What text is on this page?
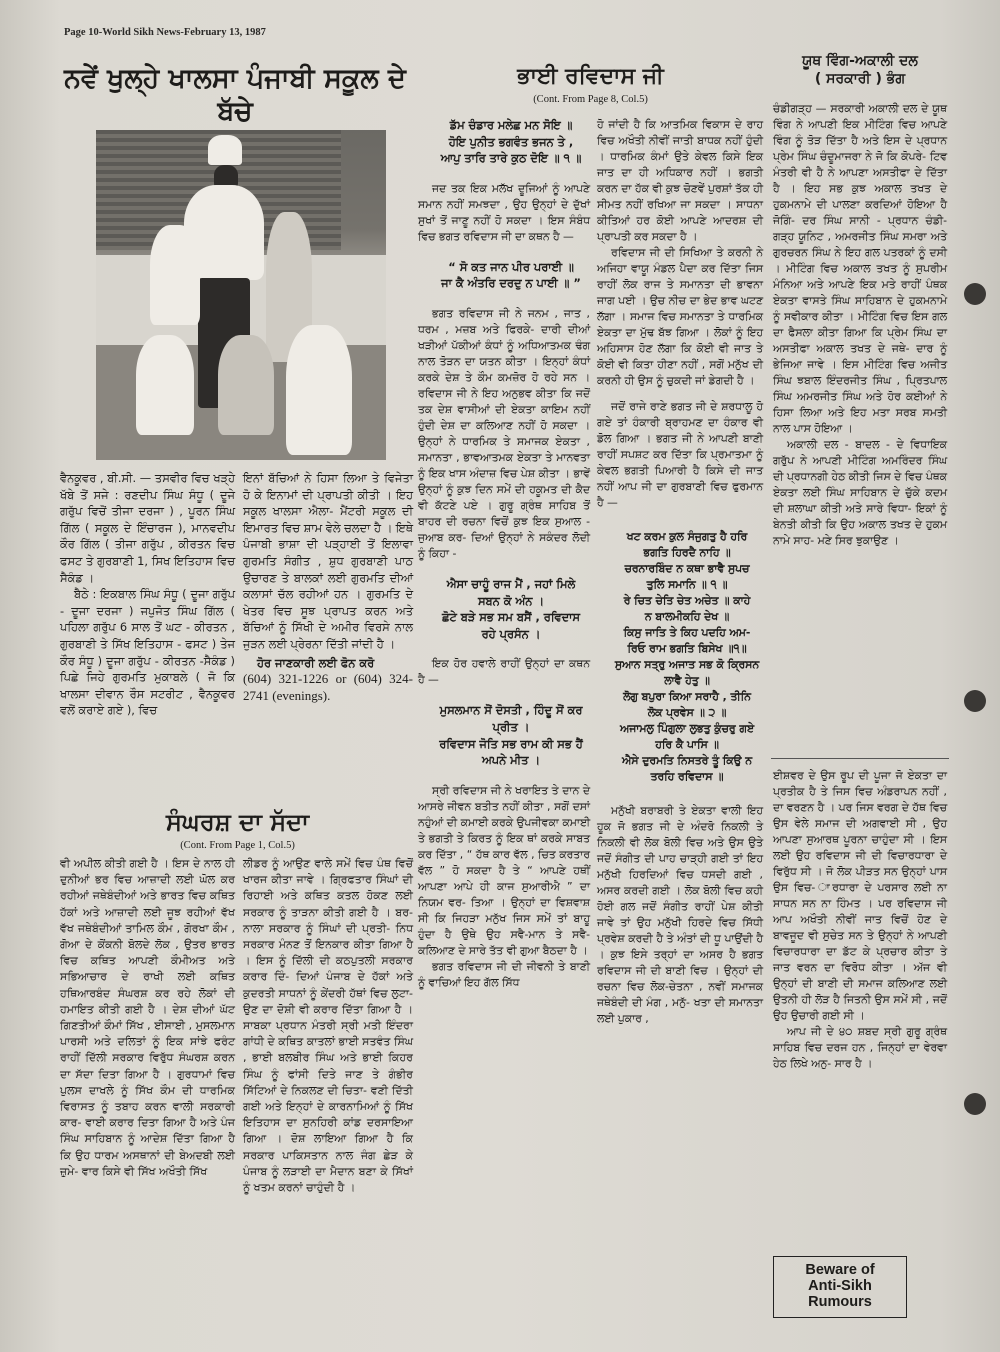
Page 10-World Sikh News-February 13, 1987
ਨਵੇਂ ਖੁਲ੍ਹੇ ਖਾਲਸਾ ਪੰਜਾਬੀ ਸਕੂਲ ਦੇ ਬੱਚੇ

ਵੈਨਕੂਵਰ , ਬੀ.ਸੀ. — ਤਸਵੀਰ ਵਿਚ ਖੜ੍ਹੇ ਖੱਬੇ ਤੋਂ ਸਜੇ : ਰਣਦੀਪ ਸਿੰਘ ਸੰਧੂ ( ਦੂਜੇ ਗਰੁੱਪ ਵਿਚੋਂ ਤੀਜਾ ਦਰਜਾ ) , ਪੂਰਨ ਸਿੰਘ ਗਿੱਲ ( ਸਕੂਲ ਦੇ ਇੰਚਾਰਜ ), ਮਾਨਵਦੀਪ ਕੌਰ ਗਿੱਲ ( ਤੀਜਾ ਗਰੁੱਪ , ਕੀਰਤਨ ਵਿਚ ਫਸਟ ਤੇ ਗੁਰਬਾਣੀ 1, ਸਿਖ ਇਤਿਹਾਸ ਵਿਚ ਸੈਕੰਡ ।

ਬੈਠੇ : ਇਕਬਾਲ ਸਿੰਘ ਸੰਧੂ ( ਦੂਜਾ ਗਰੁੱਪ - ਦੂਜਾ ਦਰਜਾ ) ਜਪੁਜੋਤ ਸਿੰਘ ਗਿੱਲ ( ਪਹਿਲਾ ਗਰੁੱਪ 6 ਸਾਲ ਤੋਂ ਘਟ - ਕੀਰਤਨ , ਗੁਰਬਾਣੀ ਤੇ ਸਿੱਖ ਇਤਿਹਾਸ - ਫਸਟ ) ਤੇਜ ਕੌਰ ਸੰਧੂ ) ਦੂਜਾ ਗਰੁੱਪ - ਕੀਰਤਨ -ਸੈਕੰਡ ) ਪਿਛੇ ਜਿਹੇ ਗੁਰਮਤਿ ਮੁਕਾਬਲੇ ( ਜੋ ਕਿ ਖਾਲਸਾ ਦੀਵਾਨ ਰੌਸ ਸਟਰੀਟ , ਵੈਨਕੂਵਰ ਵਲੋਂ ਕਰਾਏ ਗਏ ), ਵਿਚ

ਇਨਾਂ ਬੱਚਿਆਂ ਨੇ ਹਿਸਾ ਲਿਆ ਤੇ ਵਿਜੇਤਾ ਹੋ ਕੇ ਇਨਾਮਾਂ ਦੀ ਪ੍ਰਾਪਤੀ ਕੀਤੀ । ਇਹ ਸਕੂਲ ਖਾਲਸਾ ਐਲਾ- ਮੈਂਟਰੀ ਸਕੂਲ ਦੀ ਇਮਾਰਤ ਵਿਚ ਸ਼ਾਮ ਵੇਲੇ ਚਲਦਾ ਹੈ । ਇਥੇ ਪੰਜਾਬੀ ਭਾਸ਼ਾ ਦੀ ਪੜ੍ਹਾਈ ਤੋਂ ਇਲਾਵਾ ਗੁਰਮਤਿ ਸੰਗੀਤ , ਸ਼ੁਧ ਗੁਰਬਾਣੀ ਪਾਠ ਉਚਾਰਣ ਤੇ ਬਾਲਕਾਂ ਲਈ ਗੁਰਮਤਿ ਦੀਆਂ ਕਲਾਸਾਂ ਚੱਲ ਰਹੀਆਂ ਹਨ । ਗੁਰਮਤਿ ਦੇ ਖੇਤਰ ਵਿਚ ਸੂਝ ਪ੍ਰਾਪਤ ਕਰਨ ਅਤੇ ਬੱਚਿਆਂ ਨੂੰ ਸਿੱਖੀ ਦੇ ਅਮੀਰ ਵਿਰਸੇ ਨਾਲ ਜੁੜਨ ਲਈ ਪ੍ਰੇਰਨਾ ਦਿੱਤੀ ਜਾਂਦੀ ਹੈ ।

ਹੋਰ ਜਾਣਕਾਰੀ ਲਈ ਫੋਨ ਕਰੋ

(604) 321-1226 or (604) 324-2741 (evenings).

ਸੰਘਰਸ਼ ਦਾ ਸੱਦਾ
(Cont. From Page 1, Col.5)

ਵੀ ਅਪੀਲ ਕੀਤੀ ਗਈ ਹੈ । ਇਸ ਦੇ ਨਾਲ ਹੀ ਦੁਨੀਆਂ ਭਰ ਵਿਚ ਆਜ਼ਾਦੀ ਲਈ ਘੋਲ ਕਰ ਰਹੀਆਂ ਜਥੇਬੰਦੀਆਂ ਅਤੇ ਭਾਰਤ ਵਿਚ ਕਥਿਤ ਹੱਕਾਂ ਅਤੇ ਆਜ਼ਾਦੀ ਲਈ ਜੂਝ ਰਹੀਆਂ ਵੱਖ ਵੱਖ ਜਥੇਬੰਦੀਆਂ ਤਾਮਿਲ ਕੌਮ , ਗੋਰਖਾ ਕੌਮ , ਗੋਆ ਦੇ ਕੋਂਕਨੀ ਬੋਲਦੇ ਲੋਕ , ਉਤਰ ਭਾਰਤ ਵਿਚ ਕਥਿਤ ਆਪਣੀ ਕੌਮੀਅਤ ਅਤੇ ਸਭਿਆਚਾਰ ਦੇ ਰਾਖੀ ਲਈ ਕਥਿਤ ਹਥਿਆਰਬੰਦ ਸੰਘਰਸ਼ ਕਰ ਰਹੇ ਲੋਕਾਂ ਦੀ ਹਮਾਇਤ ਕੀਤੀ ਗਈ ਹੈ । ਦੇਸ਼ ਦੀਆਂ ਘੱਟ ਗਿਣਤੀਆਂ ਕੌਮਾਂ ਸਿੱਖ , ਈਸਾਈ , ਮੁਸਲਮਾਨ ਪਾਰਸੀ ਅਤੇ ਦਲਿਤਾਂ ਨੂੰ ਇਕ ਸਾਂਝੇ ਫਰੰਟ ਰਾਹੀਂ ਦਿੱਲੀ ਸਰਕਾਰ ਵਿਰੁੱਧ ਸੰਘਰਸ਼ ਕਰਨ ਦਾ ਸੱਦਾ ਦਿਤਾ ਗਿਆ ਹੈ । ਗੁਰਧਾਮਾਂ ਵਿਚ ਪੁਲਸ ਦਾਖਲੇ ਨੂੰ ਸਿੱਖ ਕੌਮ ਦੀ ਧਾਰਮਿਕ ਵਿਰਾਸਤ ਨੂੰ ਤਬਾਹ ਕਰਨ ਵਾਲੀ ਸਰਕਾਰੀ ਕਾਰ- ਵਾਈ ਕਰਾਰ ਦਿਤਾ ਗਿਆ ਹੈ ਅਤੇ ਪੰਜ ਸਿੰਘ ਸਾਹਿਬਾਨ ਨੂੰ ਆਦੇਸ਼ ਦਿੱਤਾ ਗਿਆ ਹੈ ਕਿ ਉਹ ਧਾਰਮ ਅਸਥਾਨਾਂ ਦੀ ਬੇਅਦਬੀ ਲਈ ਜ਼ੁਮੇ- ਵਾਰ ਕਿਸੇ ਵੀ ਸਿੱਖ ਅਖੌਤੀ ਸਿੱਖ

ਲੀਡਰ ਨੂੰ ਆਉਣ ਵਾਲੇ ਸਮੇਂ ਵਿਚ ਪੰਥ ਵਿਚੋਂ ਖਾਰਜ ਕੀਤਾ ਜਾਵੇ । ਗ੍ਰਿਫਤਾਰ ਸਿੰਘਾਂ ਦੀ ਰਿਹਾਈ ਅਤੇ ਕਥਿਤ ਕਤਲ ਹੋਕਣ ਲਈ ਸਰਕਾਰ ਨੂੰ ਤਾੜਨਾ ਕੀਤੀ ਗਈ ਹੈ । ਬਰ- ਨਾਲਾ ਸਰਕਾਰ ਨੂੰ ਸਿੰਘਾਂ ਦੀ ਪ੍ਰਤੀ- ਨਿਧ ਸਰਕਾਰ ਮੰਨਣ ਤੋਂ ਇਨਕਾਰ ਕੀਤਾ ਗਿਆ ਹੈ । ਇਸ ਨੂੰ ਦਿੱਲੀ ਦੀ ਕਠਪੁਤਲੀ ਸਰਕਾਰ ਕਰਾਰ ਦਿੰ- ਦਿਆਂ ਪੰਜਾਬ ਦੇ ਹੱਕਾਂ ਅਤੇ ਕੁਦਰਤੀ ਸਾਧਨਾਂ ਨੂੰ ਕੇਂਦਰੀ ਹੱਥਾਂ ਵਿਚ ਲੁਟਾ- ਉਣ ਦਾ ਦੋਸ਼ੀ ਵੀ ਕਰਾਰ ਦਿੱਤਾ ਗਿਆ ਹੈ । ਸਾਬਕਾ ਪ੍ਰਧਾਨ ਮੰਤਰੀ ਸ੍ਰੀ ਮਤੀ ਇੰਦਰਾ ਗਾਂਧੀ ਦੇ ਕਥਿਤ ਕਾਤਲਾਂ ਭਾਈ ਸਤਵੰਤ ਸਿੰਘ , ਭਾਈ ਬਲਬੀਰ ਸਿੰਘ ਅਤੇ ਭਾਈ ਕਿਹਰ ਸਿੰਘ ਨੂੰ ਫਾਂਸੀ ਦਿਤੇ ਜਾਣ ਤੇ ਗੰਭੀਰ ਸਿੱਟਿਆਂ ਦੇ ਨਿਕਲਣ ਦੀ ਚਿਤਾ- ਵਣੀ ਦਿੱਤੀ ਗਈ ਅਤੇ ਇਨ੍ਹਾਂ ਦੇ ਕਾਰਨਾਮਿਆਂ ਨੂੰ ਸਿੱਖ ਇਤਿਹਾਸ ਦਾ ਸੁਨਹਿਰੀ ਕਾਂਡ ਦਰਸਾਇਆ ਗਿਆ । ਦੋਸ਼ ਲਾਇਆ ਗਿਆ ਹੈ ਕਿ ਸਰਕਾਰ ਪਾਕਿਸਤਾਨ ਨਾਲ ਜੰਗ ਛੇੜ ਕੇ ਪੰਜਾਬ ਨੂੰ ਲੜਾਈ ਦਾ ਮੈਦਾਨ ਬਣਾ ਕੇ ਸਿੱਖਾਂ ਨੂੰ ਖਤਮ ਕਰਨਾਂ ਚਾਹੁੰਦੀ ਹੈ ।

ਭਾਈ ਰਵਿਦਾਸ ਜੀ
(Cont. From Page 8, Col.5)

ਡੱਮ ਚੰਡਾਰ ਮਲੇਛ ਮਨ ਸੋਇ ॥

ਹੋਇ ਪੁਨੀਤ ਭਗਵੰਤ ਭਜਨ ਤੇ ,

ਆਪੁ ਤਾਰਿ ਤਾਰੇ ਕੁਠ ਦੋਇ ॥ ੧ ॥

ਜਦ ਤਕ ਇਕ ਮਲੱਖ ਦੂਜਿਆਂ ਨੂੰ ਆਪਣੇ ਸਮਾਨ ਨਹੀਂ ਸਮਝਦਾ , ਉਹ ਉਨ੍ਹਾਂ ਦੇ ਦੁੱਖਾਂ ਸੁਖਾਂ ਤੋਂ ਜਾਣੂ ਨਹੀਂ ਹੋ ਸਕਦਾ । ਇਸ ਸੰਬੰਧ ਵਿਚ ਭਗਤ ਰਵਿਦਾਸ ਜੀ ਦਾ ਕਥਨ ਹੈ —

“ ਸੋ ਕਤ ਜਾਨ ਪੀਰ ਪਰਾਈ ॥

ਜਾ ਕੈ ਅੰਤਰਿ ਦਰਦੁ ਨ ਪਾਈ ॥ ”

ਭਗਤ ਰਵਿਦਾਸ ਜੀ ਨੇ ਜਨਮ , ਜਾਤ , ਧਰਮ , ਮਜ਼ਬ ਅਤੇ ਫਿਰਕੇ- ਦਾਰੀ ਦੀਆਂ ਖੜੀਆਂ ਪੱਕੀਆਂ ਕੰਧਾਂ ਨੂੰ ਅਧਿਆਤਮਕ ਢੰਗ ਨਾਲ ਤੋੜਨ ਦਾ ਯਤਨ ਕੀਤਾ । ਇਨ੍ਹਾਂ ਕੰਧਾਂ ਕਰਕੇ ਦੇਸ਼ ਤੇ ਕੌਮ ਕਮਜ਼ੋਰ ਹੋ ਰਹੇ ਸਨ । ਰਵਿਦਾਸ ਜੀ ਨੇ ਇਹ ਅਨੁਭਵ ਕੀਤਾ ਕਿ ਜਦੋਂ ਤਕ ਦੇਸ਼ ਵਾਸੀਆਂ ਦੀ ਏਕਤਾ ਕਾਇਮ ਨਹੀਂ ਹੁੰਦੀ ਦੇਸ਼ ਦਾ ਕਲਿਆਣ ਨਹੀਂ ਹੋ ਸਕਦਾ । ਉਨ੍ਹਾਂ ਨੇ ਧਾਰਮਿਕ ਤੇ ਸਮਾਜਕ ਏਕਤਾ , ਸਮਾਨਤਾ , ਭਾਵਆਤਮਕ ਏਕਤਾ ਤੇ ਮਾਨਵਤਾ ਨੂੰ ਇਕ ਖਾਸ ਅੰਦਾਜ਼ ਵਿਚ ਪੇਸ਼ ਕੀਤਾ । ਭਾਵੇਂ ਉਨ੍ਹਾਂ ਨੂੰ ਕੁਝ ਦਿਨ ਸਮੇਂ ਦੀ ਹਕੂਮਤ ਦੀ ਕੈਦ ਵੀ ਕੱਟਣੇ ਪਏ । ਗੁਰੂ ਗ੍ਰੰਥ ਸਾਹਿਬ ਤੋਂ ਬਾਹਰ ਦੀ ਰਚਨਾ ਵਿਚੋਂ ਕੁਝ ਇਕ ਸੁਆਲ - ਜੁਆਬ ਕਰ- ਦਿਆਂ ਉਨ੍ਹਾਂ ਨੇ ਸਕੰਦਰ ਲੋਦੀ ਨੂੰ ਕਿਹਾ -

ਐਸਾ ਚਾਹੂੰ ਰਾਜ ਮੈਂ , ਜਹਾਂ ਮਿਲੇ

ਸਬਨ ਕੋ ਅੰਨ ।

ਛੋਟੇ ਬੜੇ ਸਭ ਸਮ ਬਸੈਂ , ਰਵਿਦਾਸ

ਰਹੇ ਪ੍ਰਸੰਨ ।

ਇਕ ਹੋਰ ਹਵਾਲੇ ਰਾਹੀਂ ਉਨ੍ਹਾਂ ਦਾ ਕਥਨ ਹੈ —

ਮੁਸਲਮਾਨ ਸੋਂ ਦੋਸਤੀ , ਹਿੰਦੂ ਸੋਂ ਕਰ

ਪ੍ਰੀਤ ।

ਰਵਿਦਾਸ ਜੋਤਿ ਸਭ ਰਾਮ ਕੀ ਸਭ ਹੈਂ

ਅਪਨੇ ਮੀਤ ।

ਸ੍ਰੀ ਰਵਿਦਾਸ ਜੀ ਨੇ ਖਰਾਇਤ ਤੇ ਦਾਨ ਦੇ ਆਸਰੇ ਜੀਵਨ ਬਤੀਤ ਨਹੀਂ ਕੀਤਾ , ਸਗੋਂ ਦਸਾਂ ਨਹੁੰਆਂ ਦੀ ਕਮਾਈ ਕਰਕੇ ਉਪਜੀਵਕਾ ਕਮਾਈ ਤੇ ਭਗਤੀ ਤੇ ਕਿਰਤ ਨੂੰ ਇਕ ਥਾਂ ਕਰਕੇ ਸਾਬਤ ਕਰ ਦਿੱਤਾ , “ ਹੱਥ ਕਾਰ ਵੱਲ , ਚਿਤ ਕਰਤਾਰ ਵੱਲ ” ਹੋ ਸਕਦਾ ਹੈ ਤੇ “ ਆਪਣੇ ਹਥੀਂ ਆਪਣਾ ਆਪੇ ਹੀ ਕਾਜ ਸੁਆਰੀਐ ” ਦਾ ਨਿਯਮ ਵਰ- ਤਿਆ । ਉਨ੍ਹਾਂ ਦਾ ਵਿਸ਼ਵਾਸ਼ ਸੀ ਕਿ ਜਿਹੜਾ ਮਨੁੱਖ ਜਿਸ ਸਮੇਂ ਤਾਂ ਬਾਹੂ ਹੁੰਦਾ ਹੈ ਉਥੇ ਉਹ ਸਵੈ-ਮਾਨ ਤੇ ਸਵੈ- ਕਲਿਆਣ ਦੇ ਸਾਰੇ ਤੱਤ ਵੀ ਗੁਆ ਬੈਠਦਾ ਹੈ ।

ਭਗਤ ਰਵਿਦਾਸ ਜੀ ਦੀ ਜੀਵਨੀ ਤੇ ਬਾਣੀ ਨੂੰ ਵਾਚਿਆਂ ਇਹ ਗੱਲ ਸਿੱਧ

ਹੋ ਜਾਂਦੀ ਹੈ ਕਿ ਆਤਮਿਕ ਵਿਕਾਸ ਦੇ ਰਾਹ ਵਿਚ ਅਖੌਤੀ ਨੀਵੀਂ ਜਾਤੀ ਬਾਧਕ ਨਹੀਂ ਹੁੰਦੀ । ਧਾਰਮਿਕ ਕੰਮਾਂ ਉਤੇ ਕੇਵਲ ਕਿਸੇ ਇਕ ਜਾਤ ਦਾ ਹੀ ਅਧਿਕਾਰ ਨਹੀਂ । ਭਗਤੀ ਕਰਨ ਦਾ ਹੱਕ ਵੀ ਕੁਝ ਚੋਣਵੇਂ ਪੁਰਸ਼ਾਂ ਤੱਕ ਹੀ ਸੀਮਤ ਨਹੀਂ ਰਖਿਆ ਜਾ ਸਕਦਾ । ਸਾਧਨਾ ਕੀਤਿਆਂ ਹਰ ਕੋਈ ਆਪਣੇ ਆਦਰਸ਼ ਦੀ ਪ੍ਰਾਪਤੀ ਕਰ ਸਕਦਾ ਹੈ ।

ਰਵਿਦਾਸ ਜੀ ਦੀ ਸਿਖਿਆ ਤੇ ਕਰਨੀ ਨੇ ਅਜਿਹਾ ਵਾਯੂ ਮੰਡਲ ਪੈਦਾ ਕਰ ਦਿੱਤਾ ਜਿਸ ਰਾਹੀਂ ਲੋਕ ਰਾਜ ਤੇ ਸਮਾਨਤਾ ਦੀ ਭਾਵਨਾ ਜਾਗ ਪਈ । ਉਚ ਨੀਚ ਦਾ ਭੇਦ ਭਾਵ ਘਟਣ ਲੱਗਾ । ਸਮਾਜ ਵਿਚ ਸਮਾਨਤਾ ਤੇ ਧਾਰਮਿਕ ਏਕਤਾ ਦਾ ਮੁੱਢ ਬੱਝ ਗਿਆ । ਲੋਕਾਂ ਨੂੰ ਇਹ ਅਹਿਸਾਸ ਹੋਣ ਲੱਗਾ ਕਿ ਕੋਈ ਵੀ ਜਾਤ ਤੇ ਕੋਈ ਵੀ ਕਿਤਾ ਹੀਣਾ ਨਹੀਂ , ਸਗੋਂ ਮਨੁੱਖ ਦੀ ਕਰਨੀ ਹੀ ਉਸ ਨੂੰ ਚੁਕਦੀ ਜਾਂ ਡੇਗਦੀ ਹੈ ।

ਜਦੋਂ ਰਾਜੇ ਰਾਣੇ ਭਗਤ ਜੀ ਦੇ ਸ਼ਰਧਾਲੂ ਹੋ ਗਏ ਤਾਂ ਹੰਕਾਰੀ ਬ੍ਰਾਹਮਣ ਦਾ ਹੰਕਾਰ ਵੀ ਡੋਲ ਗਿਆ । ਭਗਤ ਜੀ ਨੇ ਆਪਣੀ ਬਾਣੀ ਰਾਹੀਂ ਸਪਸ਼ਟ ਕਰ ਦਿੱਤਾ ਕਿ ਪ੍ਰਮਾਤਮਾ ਨੂੰ ਕੇਵਲ ਭਗਤੀ ਪਿਆਰੀ ਹੈ ਕਿਸੇ ਦੀ ਜਾਤ ਨਹੀਂ ਆਪ ਜੀ ਦਾ ਗੁਰਬਾਣੀ ਵਿਚ ਫੁਰਮਾਨ ਹੈ —

ਖਟ ਕਰਮ ਕੁਲ ਸੰਜੁਗਤੁ ਹੈ ਹਰਿ

ਭਗਤਿ ਹਿਰਦੈ ਨਾਹਿ ॥

ਚਰਨਾਰਬਿੰਦ ਨ ਕਥਾ ਭਾਵੈ ਸੁਪਚ

ਤੁਲਿ ਸਮਾਨਿ ॥ ੧ ॥

ਰੇ ਚਿਤ ਚੇਤਿ ਚੇਤ ਅਚੇਤ ॥ ਕਾਹੇ

ਨ ਬਾਲਮੀਕਹਿ ਦੇਖ ॥

ਕਿਸੁ ਜਾਤਿ ਤੇ ਕਿਹ ਪਦਹਿ ਅਮ-

ਰਿਓ ਰਾਮ ਭਗਤਿ ਬਿਸੇਖ ॥੧॥

ਸੁਆਨ ਸਤ੍ਰੁ ਅਜਾਤ ਸਭ ਕੋ ਕ੍ਰਿਸਨ

ਲਾਵੈ ਹੇਤੁ ॥

ਲੋਗੁ ਬਪੁਰਾ ਕਿਆ ਸਰਾਹੈ , ਤੀਨਿ

ਲੋਕ ਪ੍ਰਵੇਸ ॥ ੨ ॥

ਅਜਾਮਲੁ ਪਿੰਗੁਲਾ ਲੁਭਤੁ ਕੁੰਚਰੁ ਗਏ

ਹਰਿ ਕੈ ਪਾਸਿ ॥

ਐਸੇ ਦੁਰਮਤਿ ਨਿਸਤਰੇ ਤੂੰ ਕਿਉ ਨ

ਤਰਹਿ ਰਵਿਦਾਸ ॥

ਮਨੁੱਖੀ ਬਰਾਬਰੀ ਤੇ ਏਕਤਾ ਵਾਲੀ ਇਹ ਹੂਕ ਜੋ ਭਗਤ ਜੀ ਦੇ ਅੰਦਰੋ ਨਿਕਲੀ ਤੇ ਨਿਕਲੀ ਵੀ ਲੋਕ ਬੋਲੀ ਵਿਚ ਅਤੇ ਉਸ ਉਤੇ ਜਦੋਂ ਸੰਗੀਤ ਦੀ ਪਾਹ ਚਾੜ੍ਹੀ ਗਈ ਤਾਂ ਇਹ ਮਨੁੱਖੀ ਹਿਰਦਿਆਂ ਵਿਚ ਧਸਦੀ ਗਈ , ਅਸਰ ਕਰਦੀ ਗਈ । ਲੋਕ ਬੋਲੀ ਵਿਚ ਕਹੀ ਹੋਈ ਗਲ ਜਦੋਂ ਸੰਗੀਤ ਰਾਹੀਂ ਪੇਸ਼ ਕੀਤੀ ਜਾਵੇ ਤਾਂ ਉਹ ਮਨੁੱਖੀ ਹਿਰਦੇ ਵਿਚ ਸਿੱਧੀ ਪ੍ਰਵੇਸ਼ ਕਰਦੀ ਹੈ ਤੇ ਅੰਤਾਂ ਦੀ ਧੂ ਪਾਉਂਦੀ ਹੈ । ਕੁਝ ਇਸੇ ਤਰ੍ਹਾਂ ਦਾ ਅਸਰ ਹੈ ਭਗਤ ਰਵਿਦਾਸ ਜੀ ਦੀ ਬਾਣੀ ਵਿਚ । ਉਨ੍ਹਾਂ ਦੀ ਰਚਨਾ ਵਿਚ ਲੋਕ-ਚੇਤਨਾ , ਨਵੀਂ ਸਮਾਜਕ ਜਥੇਬੰਦੀ ਦੀ ਮੰਗ , ਮਨੁੱ- ਖਤਾ ਦੀ ਸਮਾਨਤਾ ਲਈ ਪੁਕਾਰ ,

ਈਸ਼ਵਰ ਦੇ ਉਸ ਰੂਪ ਦੀ ਪੂਜਾ ਜੋ ਏਕਤਾ ਦਾ ਪ੍ਰਤੀਕ ਹੈ ਤੇ ਜਿਸ ਵਿਚ ਅੰਡਰਾਪਨ ਨਹੀਂ , ਦਾ ਵਰਣਨ ਹੈ । ਪਰ ਜਿਸ ਵਰਗ ਦੇ ਹੱਥ ਵਿਚ ਉਸ ਵੇਲੇ ਸਮਾਜ ਦੀ ਅਗਵਾਈ ਸੀ , ਉਹ ਆਪਣਾ ਸੁਆਰਥ ਪੂਰਨਾ ਚਾਹੁੰਦਾ ਸੀ । ਇਸ ਲਈ ਉਹ ਰਵਿਦਾਸ ਜੀ ਦੀ ਵਿਚਾਰਧਾਰਾ ਦੇ ਵਿਰੁੱਧ ਸੀ । ਜੋ ਲੋਕ ਪੀੜਤ ਸਨ ਉਨ੍ਹਾਂ ਪਾਸ ਉਸ ਵਿਚ- ਾਰਧਾਰਾ ਦੇ ਪਰਸਾਰ ਲਈ ਨਾ ਸਾਧਨ ਸਨ ਨਾ ਹਿੰਮਤ । ਪਰ ਰਵਿਦਾਸ ਜੀ ਆਪ ਅਖੌਤੀ ਨੀਵੀਂ ਜਾਤ ਵਿਚੋਂ ਹੋਣ ਦੇ ਬਾਵਜੂਦ ਵੀ ਸੁਚੇਤ ਸਨ ਤੇ ਉਨ੍ਹਾਂ ਨੇ ਆਪਣੀ ਵਿਚਾਰਧਾਰਾ ਦਾ ਡੱਟ ਕੇ ਪ੍ਰਚਾਰ ਕੀਤਾ ਤੇ ਜਾਤ ਵਰਨ ਦਾ ਵਿਰੋਧ ਕੀਤਾ । ਅੱਜ ਵੀ ਉਨ੍ਹਾਂ ਦੀ ਬਾਣੀ ਦੀ ਸਮਾਜ ਕਲਿਆਣ ਲਈ ਉਤਨੀ ਹੀ ਲੋੜ ਹੈ ਜਿਤਨੀ ਉਸ ਸਮੇਂ ਸੀ , ਜਦੋਂ ਉਹ ਉਚਾਰੀ ਗਈ ਸੀ ।

ਆਪ ਜੀ ਦੇ ੪੦ ਸ਼ਬਦ ਸ੍ਰੀ ਗੁਰੂ ਗ੍ਰੰਥ ਸਾਹਿਬ ਵਿਚ ਦਰਜ ਹਨ , ਜਿਨ੍ਹਾਂ ਦਾ ਵੇਰਵਾ ਹੇਠ ਲਿਖੇ ਅਨੁ- ਸਾਰ ਹੈ ।

ਯੂਥ ਵਿੰਗ-ਅਕਾਲੀ ਦਲ
( ਸਰਕਾਰੀ ) ਭੰਗ

ਚੰਡੀਗੜ੍ਹ — ਸਰਕਾਰੀ ਅਕਾਲੀ ਦਲ ਦੇ ਯੂਥ ਵਿੰਗ ਨੇ ਆਪਣੀ ਇਕ ਮੀਟਿੰਗ ਵਿਚ ਆਪਣੇ ਵਿੰਗ ਨੂੰ ਤੋੜ ਦਿੱਤਾ ਹੈ ਅਤੇ ਇਸ ਦੇ ਪ੍ਰਧਾਨ ਪ੍ਰੇਮ ਸਿੰਘ ਚੰਦੂਮਾਜਰਾ ਨੇ ਜੋ ਕਿ ਕੋਪਰੇ- ਟਿਵ ਮੰਤਰੀ ਵੀ ਹੈ ਨੇ ਆਪਣਾ ਅਸਤੀਫਾ ਦੇ ਦਿੱਤਾ ਹੈ । ਇਹ ਸਭ ਕੁਝ ਅਕਾਲ ਤਖਤ ਦੇ ਹੁਕਮਨਾਮੇ ਦੀ ਪਾਲਣਾ ਕਰਦਿਆਂ ਹੋਇਆ ਹੈ ਜੋਗਿੰ- ਦਰ ਸਿੰਘ ਸਾਨੀ - ਪ੍ਰਧਾਨ ਚੰਡੀ- ਗੜ੍ਹ ਯੂਨਿਟ , ਅਮਰਜੀਤ ਸਿੰਘ ਸਮਰਾ ਅਤੇ ਗੁਰਚਰਨ ਸਿੰਘ ਨੇ ਇਹ ਗਲ ਪਤਰਕਾਂ ਨੂੰ ਦਸੀ । ਮੀਟਿੰਗ ਵਿਚ ਅਕਾਲ ਤਖਤ ਨੂੰ ਸੁਪਰੀਮ ਮੰਨਿਆ ਅਤੇ ਆਪਣੇ ਇਕ ਮਤੇ ਰਾਹੀਂ ਪੰਥਕ ਏਕਤਾ ਵਾਸਤੇ ਸਿੰਘ ਸਾਹਿਬਾਨ ਦੇ ਹੁਕਮਨਾਮੇ ਨੂੰ ਸਵੀਕਾਰ ਕੀਤਾ । ਮੀਟਿੰਗ ਵਿਚ ਇਸ ਗਲ ਦਾ ਫੈਸਲਾ ਕੀਤਾ ਗਿਆ ਕਿ ਪ੍ਰੇਮ ਸਿੰਘ ਦਾ ਅਸਤੀਫਾ ਅਕਾਲ ਤਖਤ ਦੇ ਜਥੇ- ਦਾਰ ਨੂੰ ਭੇਜਿਆ ਜਾਵੇ । ਇਸ ਮੀਟਿੰਗ ਵਿਚ ਅਜੀਤ ਸਿੰਘ ਝਬਾਲ ਇੰਦਰਜੀਤ ਸਿੰਘ , ਪ੍ਰਿਤਪਾਲ ਸਿੰਘ ਅਮਰਜੀਤ ਸਿੰਘ ਅਤੇ ਹੋਰ ਕਈਆਂ ਨੇ ਹਿਸਾ ਲਿਆ ਅਤੇ ਇਹ ਮਤਾ ਸਰਬ ਸਮਤੀ ਨਾਲ ਪਾਸ ਹੋਇਆ ।

ਅਕਾਲੀ ਦਲ - ਬਾਦਲ - ਦੇ ਵਿਧਾਇਕ ਗਰੁੱਪ ਨੇ ਆਪਣੀ ਮੀਟਿੰਗ ਅਮਰਿੰਦਰ ਸਿੰਘ ਦੀ ਪ੍ਰਧਾਨਗੀ ਹੇਠ ਕੀਤੀ ਜਿਸ ਦੇ ਵਿਚ ਪੰਥਕ ਏਕਤਾ ਲਈ ਸਿੰਘ ਸਾਹਿਬਾਨ ਦੇ ਚੁੱਕੇ ਕਦਮ ਦੀ ਸ਼ਲਾਘਾ ਕੀਤੀ ਅਤੇ ਸਾਰੇ ਵਿਧਾ- ਇਕਾਂ ਨੂੰ ਬੇਨਤੀ ਕੀਤੀ ਕਿ ਉਹ ਅਕਾਲ ਤਖਤ ਦੇ ਹੁਕਮ ਨਾਮੇ ਸਾਹ- ਮਣੇ ਸਿਰ ਝੁਕਾਉਣ ।

Beware of
Anti-Sikh
Rumours
